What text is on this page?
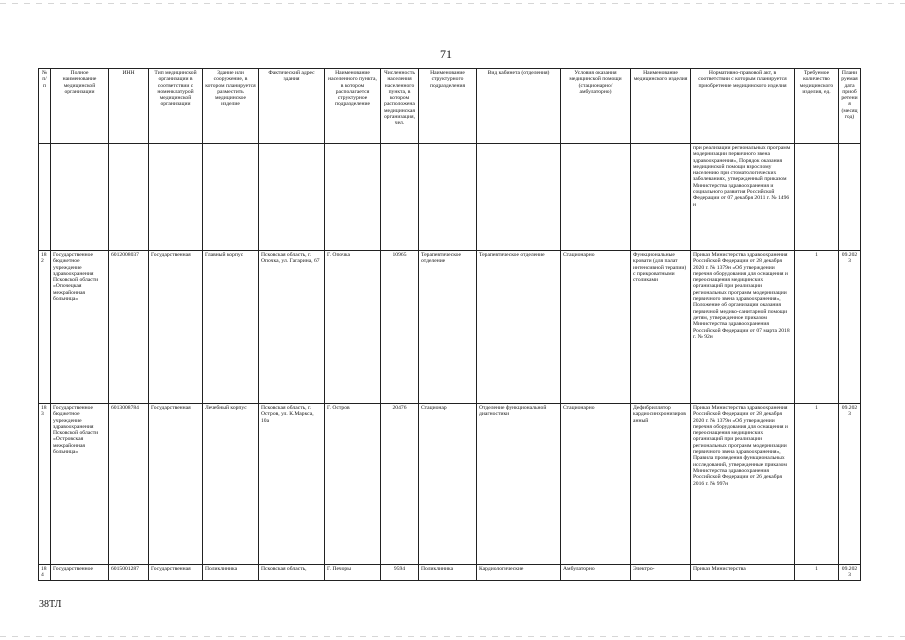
71
№ п/п	Полное наименование медицинской организации	ИНН	Тип медицинской организации в соответствии с номенклатурой медицинской организации	Здание или сооружение, в котором планируется разместить медицинское изделие	Фактический адрес здания	Наименование населенного пункта, в котором располагается структурное подразделение	Численность населения населенного пункта, в котором расположена медицинская организация, чел.	Наименование структурного подразделения	Вид кабинета (отделения)	Условия оказания медицинской помощи (стационарно/амбулаторно)	Наименование медицинского изделия	Нормативно-правовой акт, в соответствии с которым планируется приобретение медицинского изделия	Требуемое количество медицинского изделия, ед.	Планируемая дата приобретения (месяц год)
												при реализации региональных программ модернизации первичного звена здравоохранения», Порядок оказания медицинской помощи взрослому населению при стоматологических заболеваниях, утвержденный приказом Министерства здравоохранения и социального развития Российской Федерации от 07 декабря 2011 г. № 1496 н		
182	Государственное бюджетное учреждение здравоохранения Псковской области «Опочецкая межрайонная больница»	6012008037	Государственная	Главный корпус	Псковская область, г. Опочка, ул. Гагарина, 67	Г. Опочка	10965	Терапевтическое отделение	Терапевтическое отделение	Стационарно	Функциональные кровати (для палат интенсивной терапии) с прикроватными столиками	Приказ Министерства здравоохранения Российской Федерации от 28 декабря 2020 г. № 1379н «Об утверждении перечня оборудования для оснащения и переоснащения медицинских организаций при реализации региональных программ модернизации первичного звена здравоохранения», Положение об организации оказания первичной медико-санитарной помощи детям, утвержденное приказом Министерства здравоохранения Российской Федерации от 07 марта 2018 г. № 92н	1	09.2023
183	Государственное бюджетное учреждение здравоохранения Псковской области «Островская межрайонная больница»	6013008784	Государственная	Лечебный корпус	Псковская область, г. Остров, ул. К.Маркса, 10а	Г. Остров	20476	Стационар	Отделение функциональной диагностики	Стационарно	Дефибриллятор кардиосинхронизированный	Приказ Министерства здравоохранения Российской Федерации от 28 декабря 2020 г. № 1379н «Об утверждении перечня оборудования для оснащения и переоснащения медицинских организаций при реализации региональных программ модернизации первичного звена здравоохранения», Правила проведения функциональных исследований, утвержденные приказом Министерства здравоохранения Российской Федерации от 26 декабря 2016 г. № 997н	1	09.2023
184	Государственное	6015001287	Государственная	Поликлиника	Псковская область,	Г. Печоры	9594	Поликлиника	Кардиологические	Амбулаторно	Электро-	Приказ Министерства	1	09.2023
38ТЛ
